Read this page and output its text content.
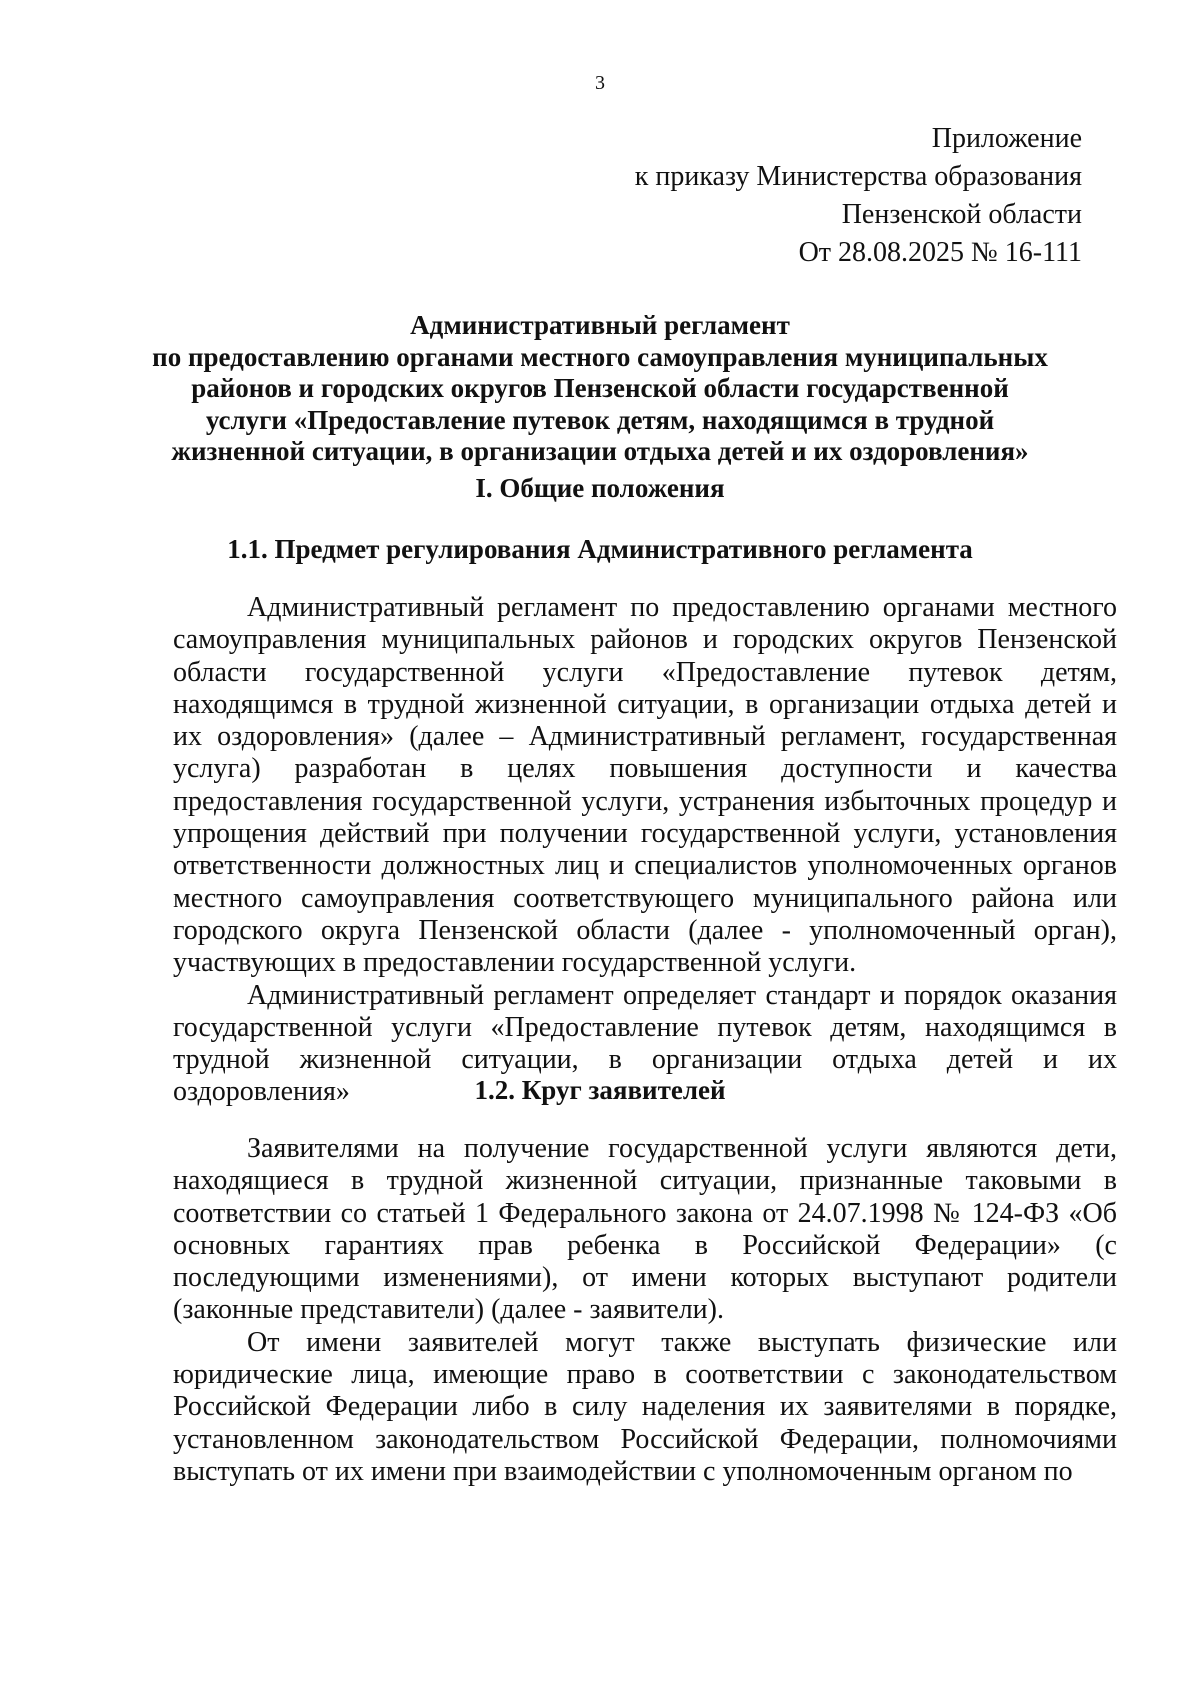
3
Приложение
к приказу Министерства образования
Пензенской области
От 28.08.2025 № 16-111
Административный регламент
по предоставлению органами местного самоуправления муниципальных
районов и городских округов Пензенской области государственной
услуги «Предоставление путевок детям, находящимся в трудной
жизненной ситуации, в организации отдыха детей и их оздоровления»
I. Общие положения
1.1. Предмет регулирования Административного регламента

Административный регламент по предоставлению органами местного самоуправления муниципальных районов и городских округов Пензенской области государственной услуги «Предоставление путевок детям, находящимся в трудной жизненной ситуации, в организации отдыха детей и их оздоровления» (далее – Административный регламент, государственная услуга) разработан в целях повышения доступности и качества предоставления государственной услуги, устранения избыточных процедур и упрощения действий при получении государственной услуги, установления ответственности должностных лиц и специалистов уполномоченных органов местного самоуправления соответствующего муниципального района или городского округа Пензенской области (далее - уполномоченный орган), участвующих в предоставлении государственной услуги.

Административный регламент определяет стандарт и порядок оказания государственной услуги «Предоставление путевок детям, находящимся в трудной жизненной ситуации, в организации отдыха детей и их оздоровления»	1.2. Круг заявителей

Заявителями на получение государственной услуги являются дети, находящиеся в трудной жизненной ситуации, признанные таковыми в соответствии со статьей 1 Федерального закона от 24.07.1998 № 124-ФЗ «Об основных гарантиях прав ребенка в Российской Федерации» (с последующими изменениями), от имени которых выступают родители (законные представители) (далее - заявители).

От имени заявителей могут также выступать физические или юридические лица, имеющие право в соответствии с законодательством Российской Федерации либо в силу наделения их заявителями в порядке, установленном законодательством Российской Федерации, полномочиями выступать от их имени при взаимодействии с уполномоченным органом по
